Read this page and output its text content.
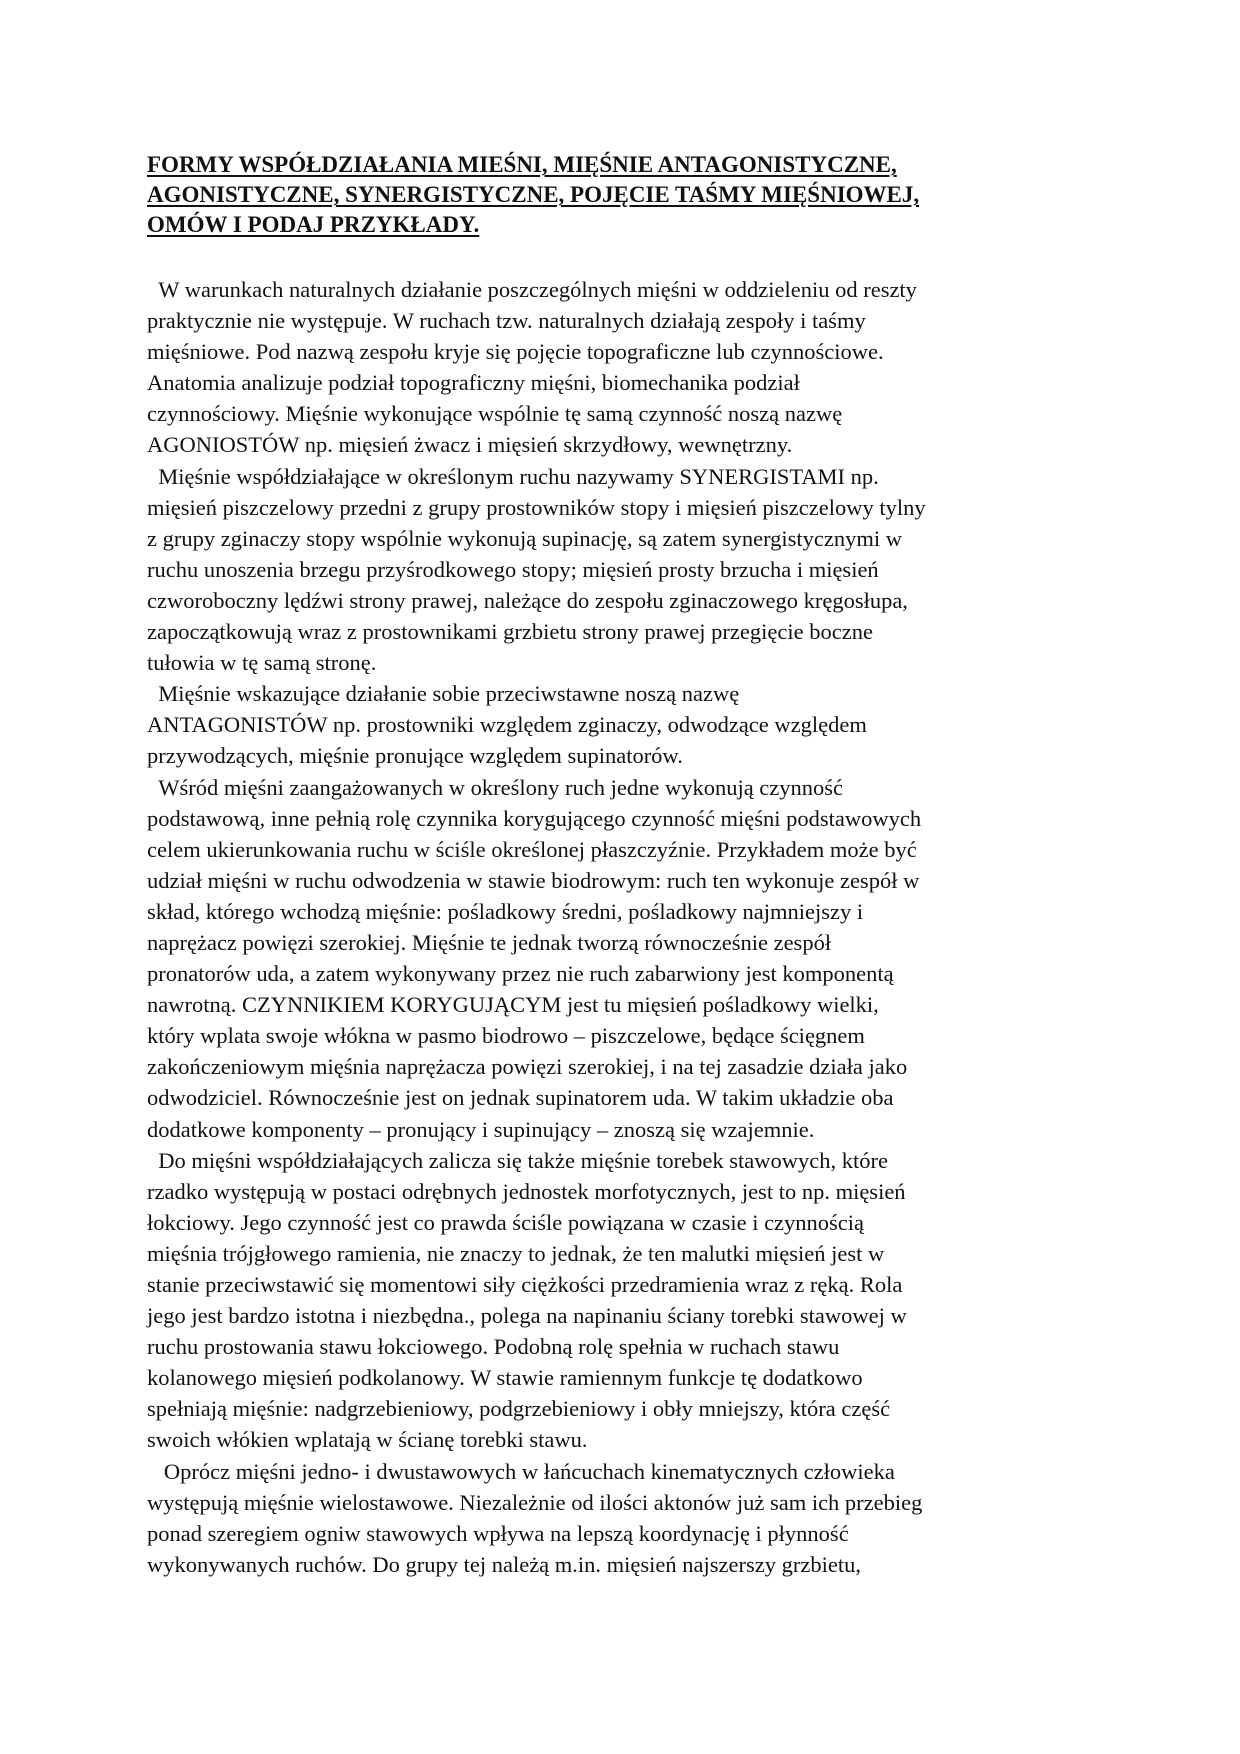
FORMY WSPÓŁDZIAŁANIA MIEŚNI, MIĘŚNIE ANTAGONISTYCZNE,
AGONISTYCZNE, SYNERGISTYCZNE, POJĘCIE TAŚMY MIĘŚNIOWEJ,
OMÓW I PODAJ PRZYKŁADY.
W warunkach naturalnych działanie poszczególnych mięśni w oddzieleniu od reszty
praktycznie nie występuje. W ruchach tzw. naturalnych działają zespoły i taśmy
mięśniowe. Pod nazwą zespołu kryje się pojęcie topograficzne lub czynnościowe.
Anatomia analizuje podział topograficzny mięśni, biomechanika podział
czynnościowy. Mięśnie wykonujące wspólnie tę samą czynność noszą nazwę
AGONIOSTÓW np. mięsień żwacz i mięsień skrzydłowy, wewnętrzny.
Mięśnie współdziałające w określonym ruchu nazywamy SYNERGISTAMI np.
mięsień piszczelowy przedni z grupy prostowników stopy i mięsień piszczelowy tylny
z grupy zginaczy stopy wspólnie wykonują supinację, są zatem synergistycznymi w
ruchu unoszenia brzegu przyśrodkowego stopy; mięsień prosty brzucha i mięsień
czworoboczny lędźwi strony prawej, należące do zespołu zginaczowego kręgosłupa,
zapoczątkowują wraz z prostownikami grzbietu strony prawej przegięcie boczne
tułowia w tę samą stronę.
Mięśnie wskazujące działanie sobie przeciwstawne noszą nazwę
ANTAGONISTÓW np. prostowniki względem zginaczy, odwodzące względem
przywodzących, mięśnie pronujące względem supinatorów.
Wśród mięśni zaangażowanych w określony ruch jedne wykonują czynność
podstawową, inne pełnią rolę czynnika korygującego czynność mięśni podstawowych
celem ukierunkowania ruchu w ściśle określonej płaszczyźnie. Przykładem może być
udział mięśni w ruchu odwodzenia w stawie biodrowym: ruch ten wykonuje zespół w
skład, którego wchodzą mięśnie: pośladkowy średni, pośladkowy najmniejszy i
naprężacz powięzi szerokiej. Mięśnie te jednak tworzą równocześnie zespół
pronatorów uda, a zatem wykonywany przez nie ruch zabarwiony jest komponentą
nawrotną. CZYNNIKIEM KORYGUJĄCYM jest tu mięsień pośladkowy wielki,
który wplata swoje włókna w pasmo biodrowo – piszczelowe, będące ścięgnem
zakończeniowym mięśnia naprężacza powięzi szerokiej, i na tej zasadzie działa jako
odwodziciel. Równocześnie jest on jednak supinatorem uda. W takim układzie oba
dodatkowe komponenty – pronujący i supinujący – znoszą się wzajemnie.
Do mięśni współdziałających zalicza się także mięśnie torebek stawowych, które
rzadko występują w postaci odrębnych jednostek morfotycznych, jest to np. mięsień
łokciowy. Jego czynność jest co prawda ściśle powiązana w czasie i czynnością
mięśnia trójgłowego ramienia, nie znaczy to jednak, że ten malutki mięsień jest w
stanie przeciwstawić się momentowi siły ciężkości przedramienia wraz z ręką. Rola
jego jest bardzo istotna i niezbędna., polega na napinaniu ściany torebki stawowej w
ruchu prostowania stawu łokciowego. Podobną rolę spełnia w ruchach stawu
kolanowego mięsień podkolanowy. W stawie ramiennym funkcje tę dodatkowo
spełniają mięśnie: nadgrzebieniowy, podgrzebieniowy i obły mniejszy, która część
swoich włókien wplatają w ścianę torebki stawu.
Oprócz mięśni jedno- i dwustawowych w łańcuchach kinematycznych człowieka
występują mięśnie wielostawowe. Niezależnie od ilości aktonów już sam ich przebieg
ponad szeregiem ogniw stawowych wpływa na lepszą koordynację i płynność
wykonywanych ruchów. Do grupy tej należą m.in. mięsień najszerszy grzbietu,
